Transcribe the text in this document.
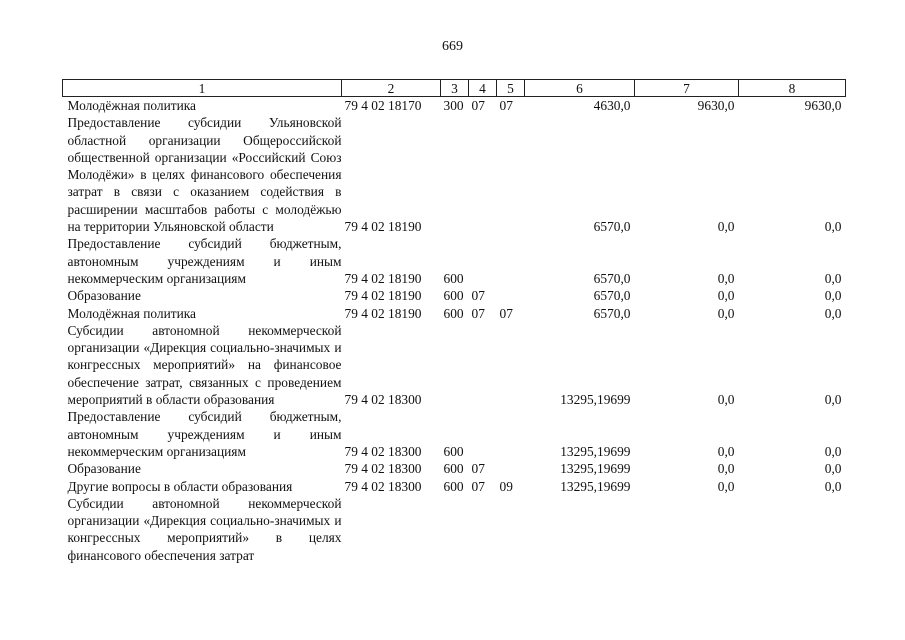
669
1	2	3	4	5	6	7	8
Молодёжная политика	79 4 02 18170	300	07	07	4630,0	9630,0	9630,0
Предоставление субсидии Ульяновской областной организации Общероссийской общественной организации «Российский Союз Молодёжи» в целях финансового обеспечения затрат в связи с оказанием содействия в расширении масштабов работы с молодёжью на территории Ульяновской области	79 4 02 18190				6570,0	0,0	0,0
Предоставление субсидий бюджетным, автономным учреждениям и иным некоммерческим организациям	79 4 02 18190	600			6570,0	0,0	0,0
Образование	79 4 02 18190	600	07		6570,0	0,0	0,0
Молодёжная политика	79 4 02 18190	600	07	07	6570,0	0,0	0,0
Субсидии автономной некоммерческой организации «Дирекция социально-значимых и конгрессных мероприятий» на финансовое обеспечение затрат, связанных с проведением мероприятий в области образования	79 4 02 18300				13295,19699	0,0	0,0
Предоставление субсидий бюджетным, автономным учреждениям и иным некоммерческим организациям	79 4 02 18300	600			13295,19699	0,0	0,0
Образование	79 4 02 18300	600	07		13295,19699	0,0	0,0
Другие вопросы в области образования	79 4 02 18300	600	07	09	13295,19699	0,0	0,0
Субсидии автономной некоммерческой организации «Дирекция социально-значимых и конгрессных мероприятий» в целях финансового обеспечения затрат							
